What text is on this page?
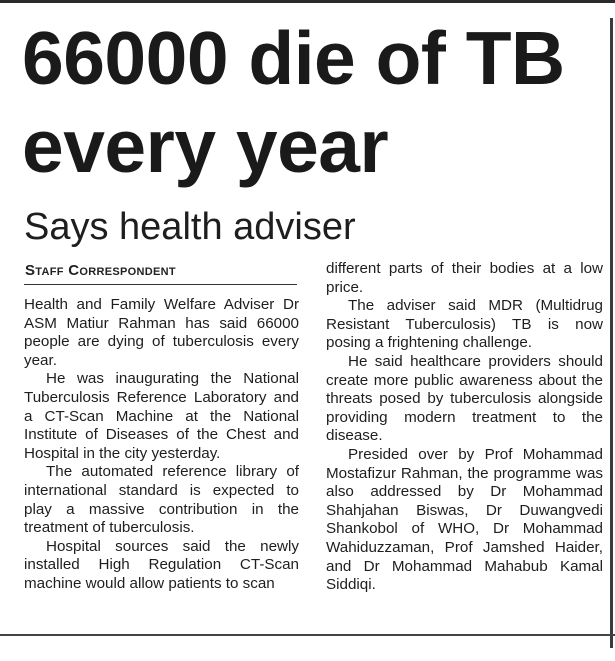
66000 die of TB every year
Says health adviser
Staff Correspondent

Health and Family Welfare Adviser Dr ASM Matiur Rahman has said 66000 people are dying of tuberculosis every year.

He was inaugurating the National Tuberculosis Reference Laboratory and a CT-Scan Machine at the National Institute of Diseases of the Chest and Hospital in the city yesterday.

The automated reference library of international standard is expected to play a massive contribution in the treatment of tuberculosis.

Hospital sources said the newly installed High Regulation CT-Scan machine would allow patients to scan

different parts of their bodies at a low price.

The adviser said MDR (Multidrug Resistant Tuberculosis) TB is now posing a frightening challenge.

He said healthcare providers should create more public awareness about the threats posed by tuberculosis alongside providing modern treatment to the disease.

Presided over by Prof Mohammad Mostafizur Rahman, the programme was also addressed by Dr Mohammad Shahjahan Biswas, Dr Duwangvedi Shankobol of WHO, Dr Mohammad Wahiduzzaman, Prof Jamshed Haider, and Dr Mohammad Mahabub Kamal Siddiqi.
